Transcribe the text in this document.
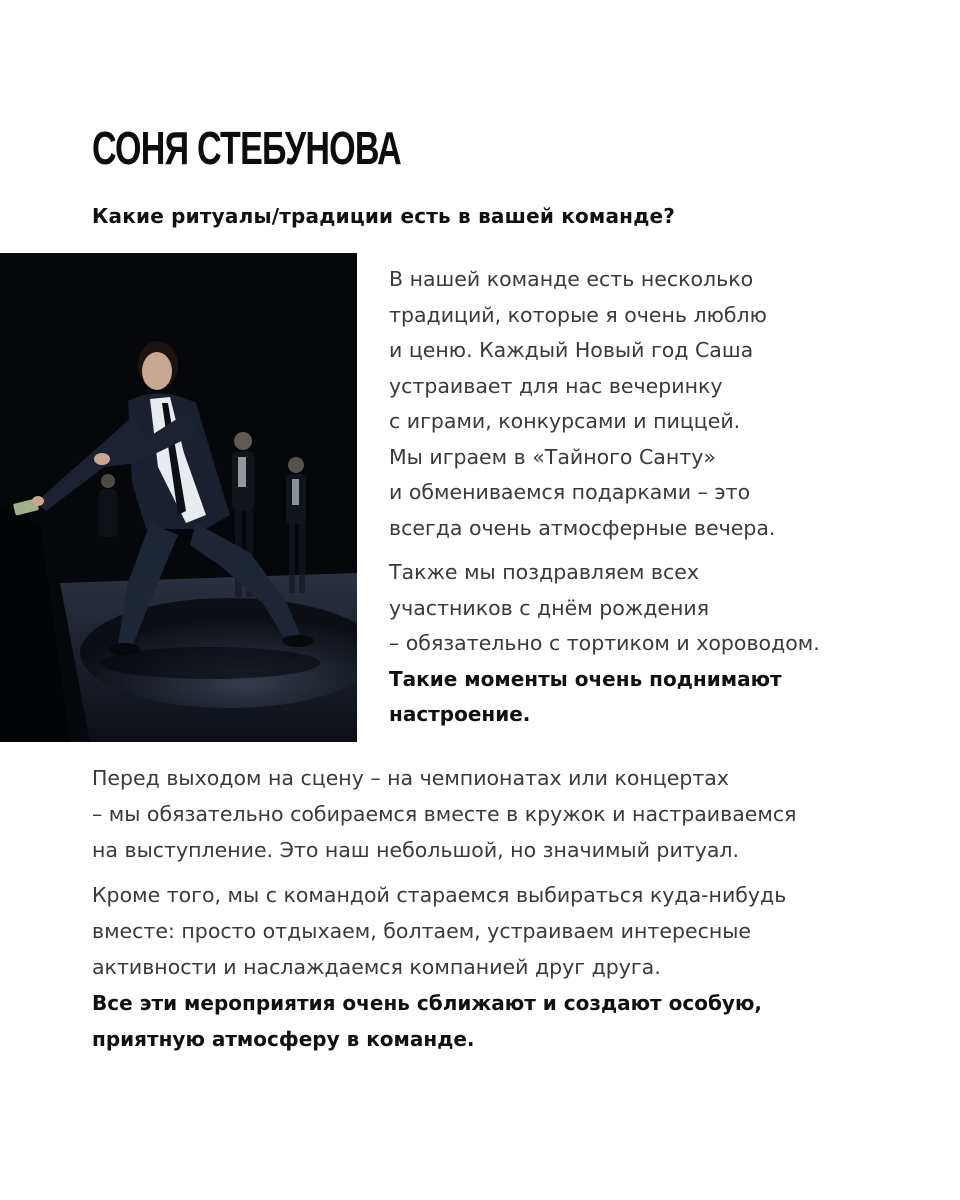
СОНЯ СТЕБУНОВА
Какие ритуалы/традиции есть в вашей команде?
В нашей команде есть несколько
традиций, которые я очень люблю
и ценю. Каждый Новый год Саша
устраивает для нас вечеринку
с играми, конкурсами и пиццей.
Мы играем в «Тайного Санту»
и обмениваемся подарками – это
всегда очень атмосферные вечера.
Также мы поздравляем всех
участников с днём рождения
– обязательно с тортиком и хороводом.
Такие моменты очень поднимают
настроение.
Перед выходом на сцену – на чемпионатах или концертах
– мы обязательно собираемся вместе в кружок и настраиваемся
на выступление. Это наш небольшой, но значимый ритуал.
Кроме того, мы с командой стараемся выбираться куда-нибудь
вместе: просто отдыхаем, болтаем, устраиваем интересные
активности и наслаждаемся компанией друг друга.
Все эти мероприятия очень сближают и создают особую,
приятную атмосферу в команде.
